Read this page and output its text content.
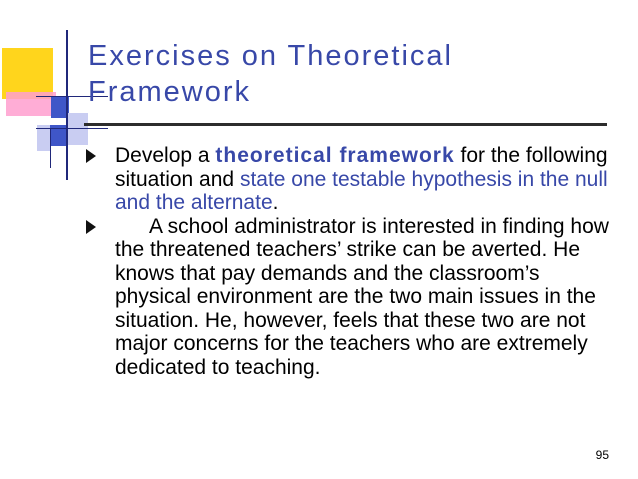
Exercises on Theoretical Framework
Develop a theoretical framework for the following situation and state one testable hypothesis in the null and the alternate.
A school administrator is interested in finding how the threatened teachers’ strike can be averted. He knows that pay demands and the classroom’s physical environment are the two main issues in the situation. He, however, feels that these two are not major concerns for the teachers who are extremely dedicated to teaching.
95
